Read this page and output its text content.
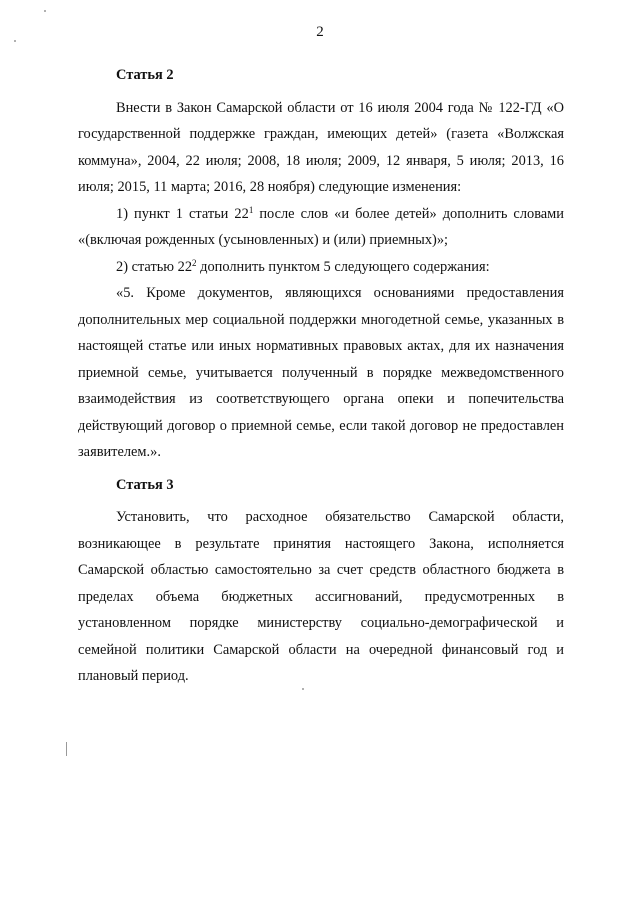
2

Статья 2

Внести в Закон Самарской области от 16 июля 2004 года № 122-ГД «О государственной поддержке граждан, имеющих детей» (газета «Волжская коммуна», 2004, 22 июля; 2008, 18 июля; 2009, 12 января, 5 июля; 2013, 16 июля; 2015, 11 марта; 2016, 28 ноября) следующие изменения:

1) пункт 1 статьи $22^1$ после слов «и более детей» дополнить словами «(включая рожденных (усыновленных) и (или) приемных)»;

2) статью $22^2$ дополнить пунктом 5 следующего содержания:

«5. Кроме документов, являющихся основаниями предоставления дополнительных мер социальной поддержки многодетной семье, указанных в настоящей статье или иных нормативных правовых актах, для их назначения приемной семье, учитывается полученный в порядке межведомственного взаимодействия из соответствующего органа опеки и попечительства действующий договор о приемной семье, если такой договор не предоставлен заявителем.».

Статья 3

Установить, что расходное обязательство Самарской области, возникающее в результате принятия настоящего Закона, исполняется Самарской областью самостоятельно за счет средств областного бюджета в пределах объема бюджетных ассигнований, предусмотренных в установленном порядке министерству социально-демографической и семейной политики Самарской области на очередной финансовый год и плановый период.
